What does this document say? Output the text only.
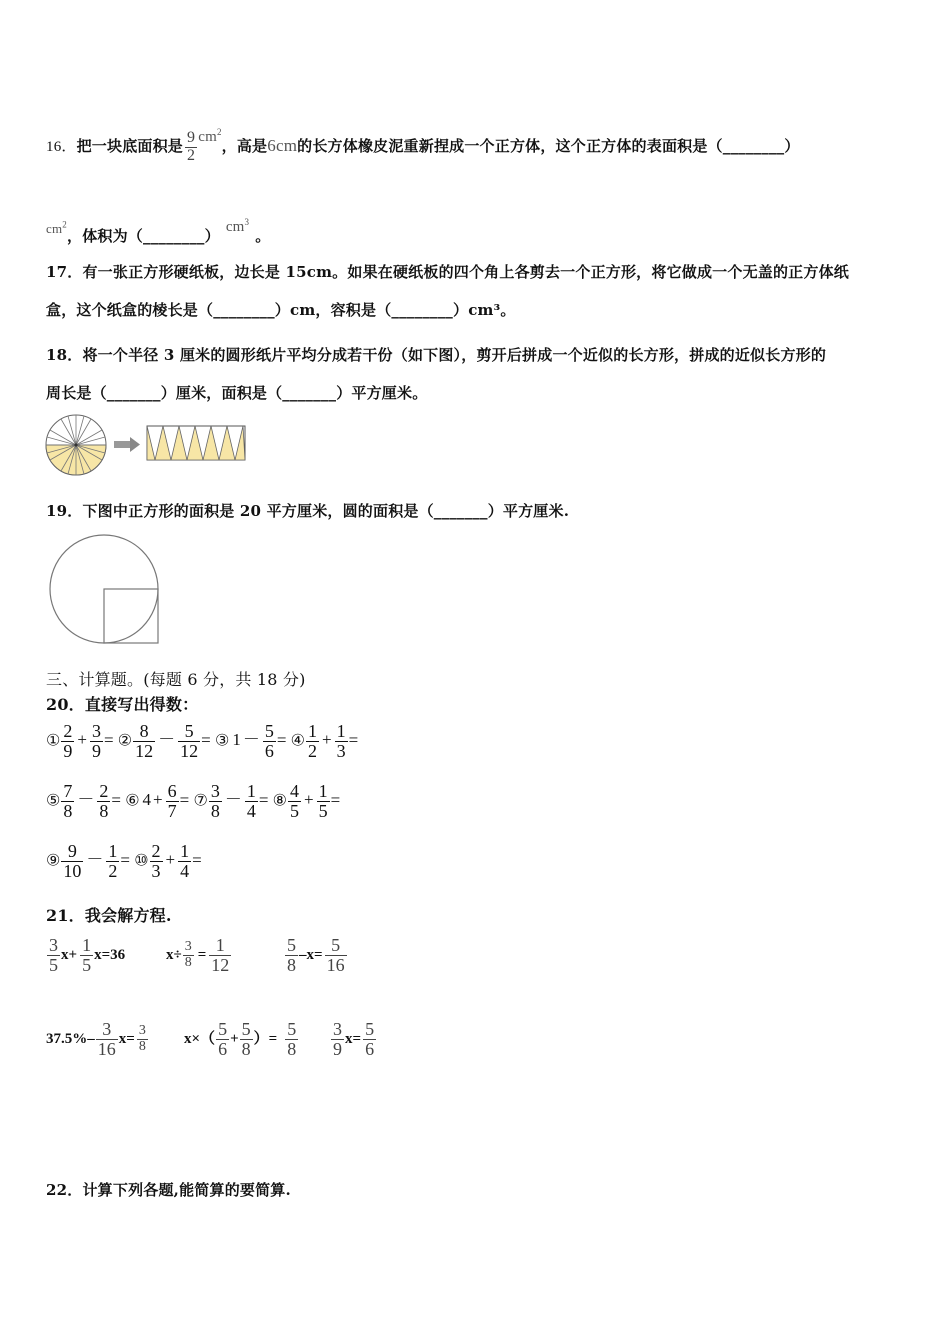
16．把一块底面积是 $\frac{9}{2} cm^2$，高是6cm的长方体橡皮泥重新捏成一个正方体，这个正方体的表面积是（________）
$cm^2$，体积为（________） $cm^3$。
17．有一张正方形硬纸板，边长是 15cm。如果在硬纸板的四个角上各剪去一个正方形，将它做成一个无盖的正方体纸
盒，这个纸盒的棱长是（________）cm，容积是（________）cm³。
18．将一个半径 3 厘米的圆形纸片平均分成若干份（如下图），剪开后拼成一个近似的长方形，拼成的近似长方形的
周长是（_______）厘米，面积是（_______）平方厘米。
19．下图中正方形的面积是 20 平方厘米，圆的面积是（_______）平方厘米.
三、计算题。(每题 6 分，共 18 分)
20．直接写出得数：
① $\frac{2}{9} + \frac{3}{9}$ = ② $\frac{8}{12} - \frac{5}{12}$ = ③ $1 - \frac{5}{6}$ = ④ $\frac{1}{2} + \frac{1}{3}$ =
⑤ $\frac{7}{8} - \frac{2}{8}$ = ⑥ $4 + \frac{6}{7}$ = ⑦ $\frac{3}{8} - \frac{1}{4}$ = ⑧ $\frac{4}{5} + \frac{1}{5}$ =
⑨ $\frac{9}{10} - \frac{1}{2}$ = ⑩ $\frac{2}{3} + \frac{1}{4}$ =
21．我会解方程.
$\frac{3}{5} x+ \frac{1}{5} x=36$	$x\div \frac{3}{8} = \frac{1}{12}$	$\frac{5}{8} -x= \frac{5}{16}$
$37.5\%- \frac{3}{16} x= \frac{3}{8} x\times( \frac{5}{6} + \frac{5}{8}$ ）= $\frac{5}{8} \frac{3}{9} x= \frac{5}{6}$
22．计算下列各题,能简算的要简算.
